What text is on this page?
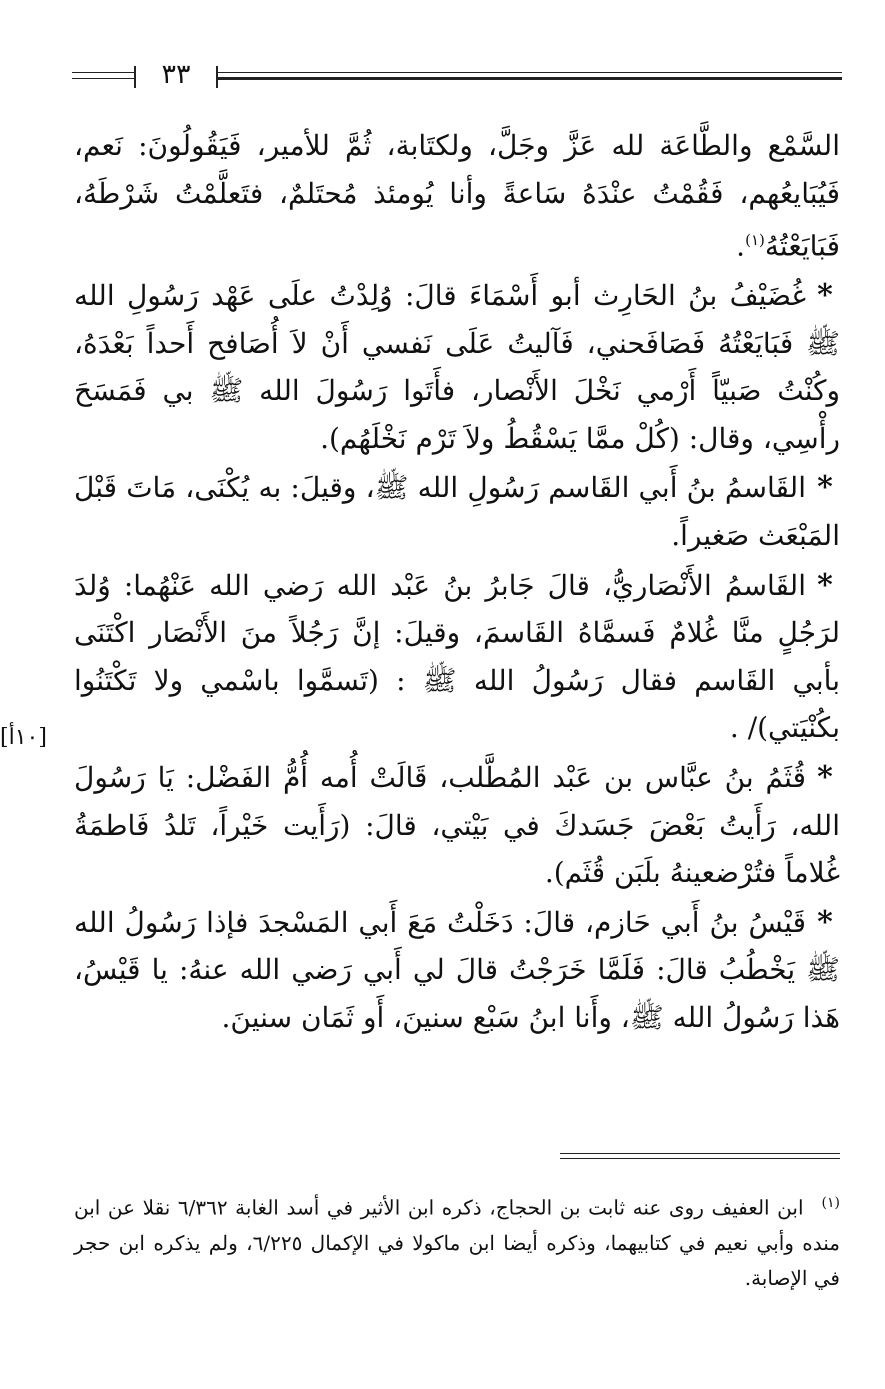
٣٣

السَّمْع والطَّاعَة لله عَزَّ وجَلَّ، ولكتَابة، ثُمَّ للأمير، فَيَقُولُونَ: نَعم، فَيُبَايعُهم، فَقُمْتُ عنْدَهُ سَاعةً وأنا يُومئذ مُحتَلمٌ، فتَعلَّمْتُ شَرْطَهُ، فَبَايَعْتُهُ$^{(١)}$.

*غُضَيْفُ بنُ الحَارِث أبو أَسْمَاءَ قالَ: وُلِدْتُ علَى عَهْد رَسُولِ الله ﷺ فَبَايَعْتُهُ فَصَافَحني، فَآليتُ عَلَى نَفسي أَنْ لاَ أُصَافح أَحداً بَعْدَهُ، وكُنْتُ صَبيّاً أَرْمي نَخْلَ الأَنْصار، فأَتَوا رَسُولَ الله ﷺ بي فَمَسَحَ رأْسِي، وقال: (كُلْ ممَّا يَسْقُطُ ولاَ تَرْم نَخْلَهُم).

*القَاسمُ بنُ أَبي القَاسم رَسُولِ الله ﷺ، وقيلَ: به يُكْنَى، مَاتَ قَبْلَ المَبْعَث صَغيراً.

*القَاسمُ الأَنْصَاريُّ، قالَ جَابرُ بنُ عَبْد الله رَضي الله عَنْهُما: وُلدَ لرَجُلٍ منَّا غُلامٌ فَسمَّاهُ القَاسمَ، وقيلَ: إنَّ رَجُلاً منَ الأَنْصَار اكْتَنَى بأبي القَاسم فقال رَسُولُ الله ﷺ : (تَسمَّوا باسْمي ولا تَكْتَنُوا بكُنْيَتي)/ .

*قُثَمُ بنُ عبَّاس بن عَبْد المُطَّلب، قَالَتْ أُمه أُمُّ الفَضْل: يَا رَسُولَ الله، رَأَيتُ بَعْضَ جَسَدكَ في بَيْتي، قالَ: (رَأَيت خَيْراً، تَلدُ فَاطمَةُ غُلاماً فتُرْضعينهُ بلَبَن قُثَم).

*قَيْسُ بنُ أَبي حَازم، قالَ: دَخَلْتُ مَعَ أَبي المَسْجدَ فإذا رَسُولُ الله ﷺ يَخْطُبُ قالَ: فَلَمَّا خَرَجْتُ قالَ لي أَبي رَضي الله عنهُ: يا قَيْسُ، هَذا رَسُولُ الله ﷺ، وأَنا ابنُ سَبْع سنينَ، أَو ثَمَان سنينَ.

[١٠أ]
$^{(١)}$ابن العفيف روى عنه ثابت بن الحجاج، ذكره ابن الأثير في أسد الغابة ٦/٣٦٢ نقلا عن ابن منده وأبي نعيم في كتابيهما، وذكره أيضا ابن ماكولا في الإكمال ٦/٢٢٥، ولم يذكره ابن حجر في الإصابة.
